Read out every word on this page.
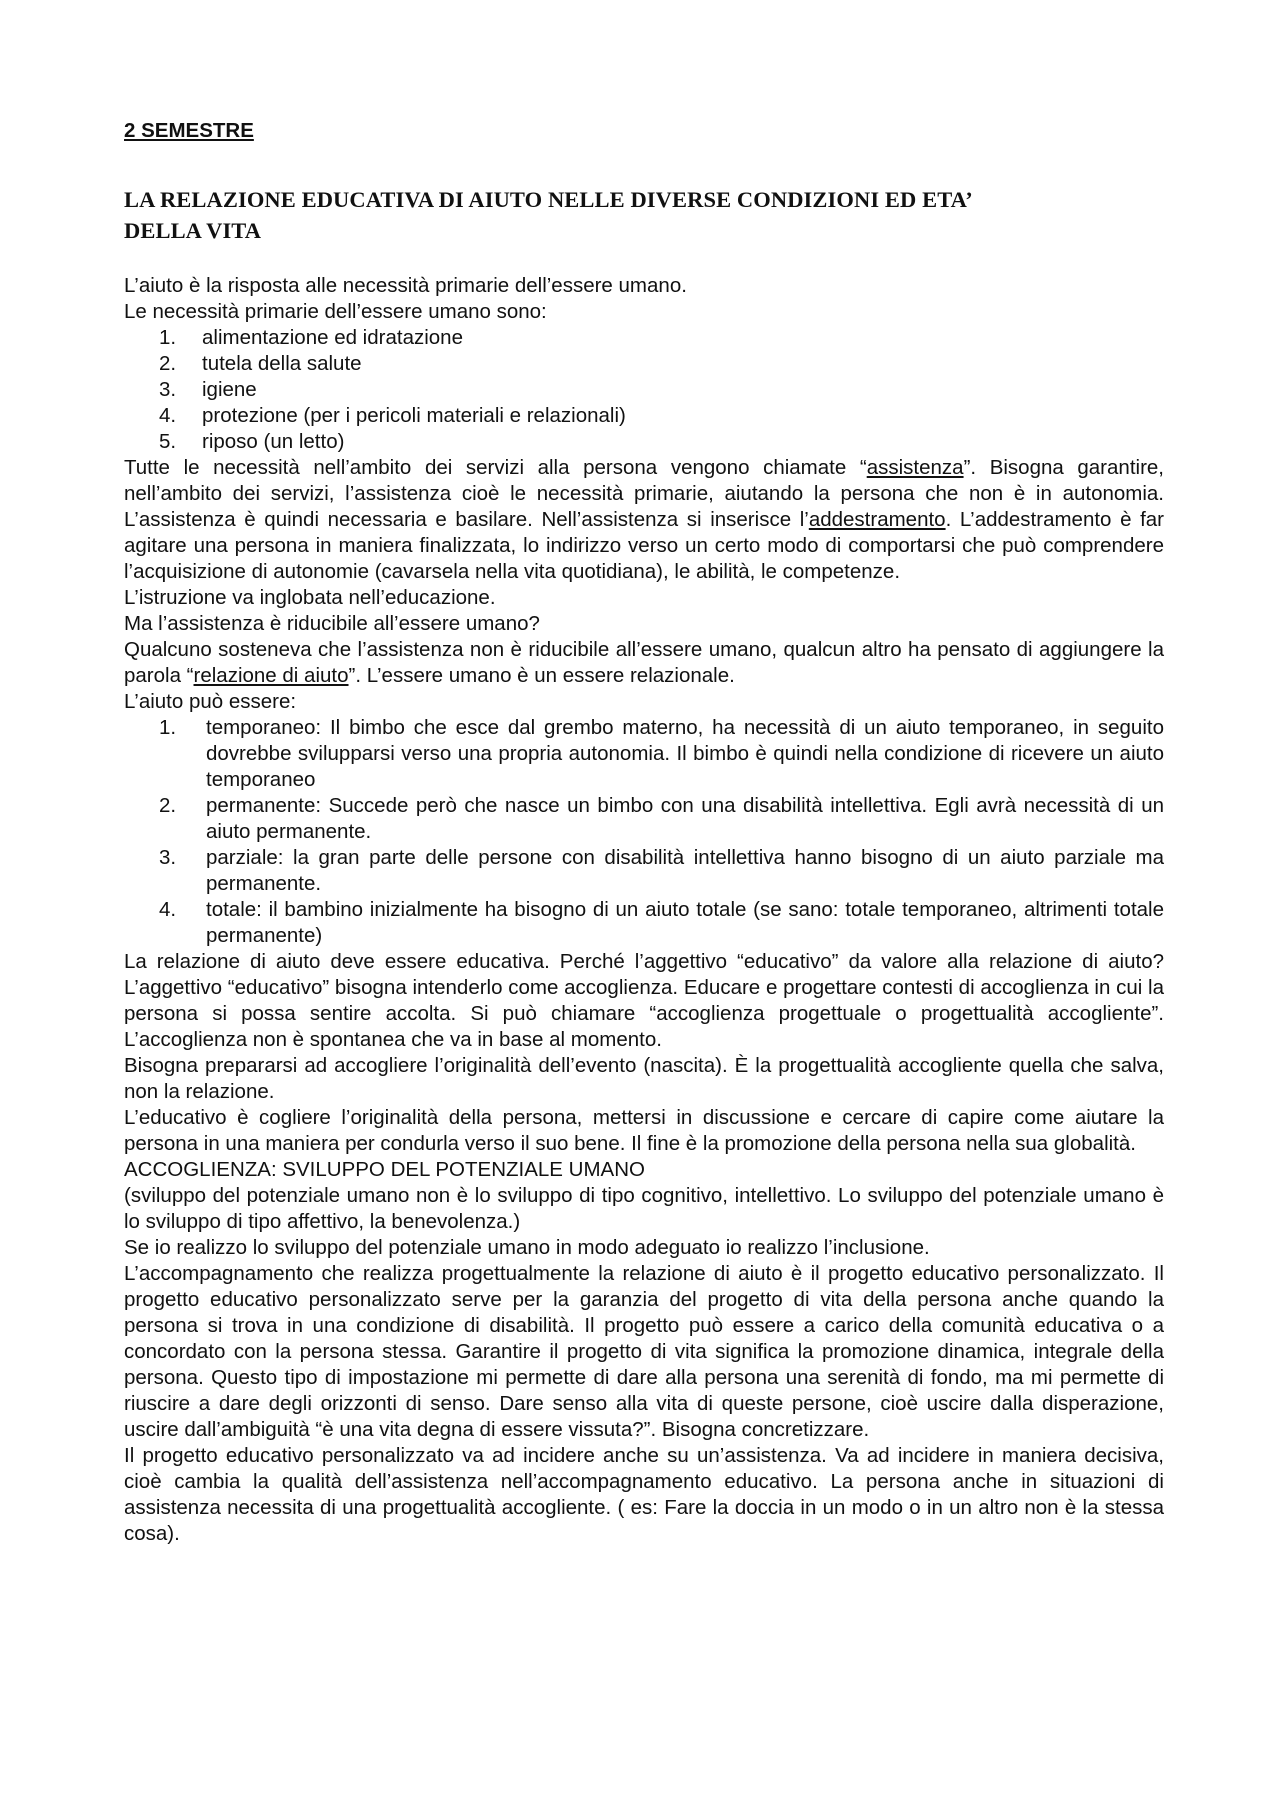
2 SEMESTRE
LA RELAZIONE EDUCATIVA DI AIUTO NELLE DIVERSE CONDIZIONI ED ETA’
DELLA VITA

L’aiuto è la risposta alle necessità primarie dell’essere umano.

Le necessità primarie dell’essere umano sono:

1. alimentazione ed idratazione
2. tutela della salute
3. igiene
4. protezione (per i pericoli materiali e relazionali)
5. riposo (un letto)

Tutte le necessità nell’ambito dei servizi alla persona vengono chiamate “assistenza”. Bisogna garantire, nell’ambito dei servizi, l’assistenza cioè le necessità primarie, aiutando la persona che non è in autonomia. L’assistenza è quindi necessaria e basilare. Nell’assistenza si inserisce l’addestramento. L’addestramento è far agitare una persona in maniera finalizzata, lo indirizzo verso un certo modo di comportarsi che può comprendere l’acquisizione di autonomie (cavarsela nella vita quotidiana), le abilità, le competenze.

L’istruzione va inglobata nell’educazione.

Ma l’assistenza è riducibile all’essere umano?

Qualcuno sosteneva che l’assistenza non è riducibile all’essere umano, qualcun altro ha pensato di aggiungere la parola “relazione di aiuto”. L’essere umano è un essere relazionale.

L’aiuto può essere:

1. temporaneo: Il bimbo che esce dal grembo materno, ha necessità di un aiuto temporaneo, in seguito dovrebbe svilupparsi verso una propria autonomia. Il bimbo è quindi nella condizione di ricevere un aiuto temporaneo
2. permanente: Succede però che nasce un bimbo con una disabilità intellettiva. Egli avrà necessità di un aiuto permanente.
3. parziale: la gran parte delle persone con disabilità intellettiva hanno bisogno di un aiuto parziale ma permanente.
4. totale: il bambino inizialmente ha bisogno di un aiuto totale (se sano: totale temporaneo, altrimenti totale permanente)

La relazione di aiuto deve essere educativa. Perché l’aggettivo “educativo” da valore alla relazione di aiuto? L’aggettivo “educativo” bisogna intenderlo come accoglienza. Educare e progettare contesti di accoglienza in cui la persona si possa sentire accolta. Si può chiamare “accoglienza progettuale o progettualità accogliente”. L’accoglienza non è spontanea che va in base al momento.

Bisogna prepararsi ad accogliere l’originalità dell’evento (nascita). È la progettualità accogliente quella che salva, non la relazione.

L’educativo è cogliere l’originalità della persona, mettersi in discussione e cercare di capire come aiutare la persona in una maniera per condurla verso il suo bene. Il fine è la promozione della persona nella sua globalità.

ACCOGLIENZA: SVILUPPO DEL POTENZIALE UMANO

(sviluppo del potenziale umano non è lo sviluppo di tipo cognitivo, intellettivo. Lo sviluppo del potenziale umano è lo sviluppo di tipo affettivo, la benevolenza.)

Se io realizzo lo sviluppo del potenziale umano in modo adeguato io realizzo l’inclusione.

L’accompagnamento che realizza progettualmente la relazione di aiuto è il progetto educativo personalizzato. Il progetto educativo personalizzato serve per la garanzia del progetto di vita della persona anche quando la persona si trova in una condizione di disabilità. Il progetto può essere a carico della comunità educativa o a concordato con la persona stessa. Garantire il progetto di vita significa la promozione dinamica, integrale della persona. Questo tipo di impostazione mi permette di dare alla persona una serenità di fondo, ma mi permette di riuscire a dare degli orizzonti di senso. Dare senso alla vita di queste persone, cioè uscire dalla disperazione, uscire dall’ambiguità “è una vita degna di essere vissuta?”. Bisogna concretizzare.

Il progetto educativo personalizzato va ad incidere anche su un’assistenza. Va ad incidere in maniera decisiva, cioè cambia la qualità dell’assistenza nell’accompagnamento educativo. La persona anche in situazioni di assistenza necessita di una progettualità accogliente. ( es: Fare la doccia in un modo o in un altro non è la stessa cosa).
